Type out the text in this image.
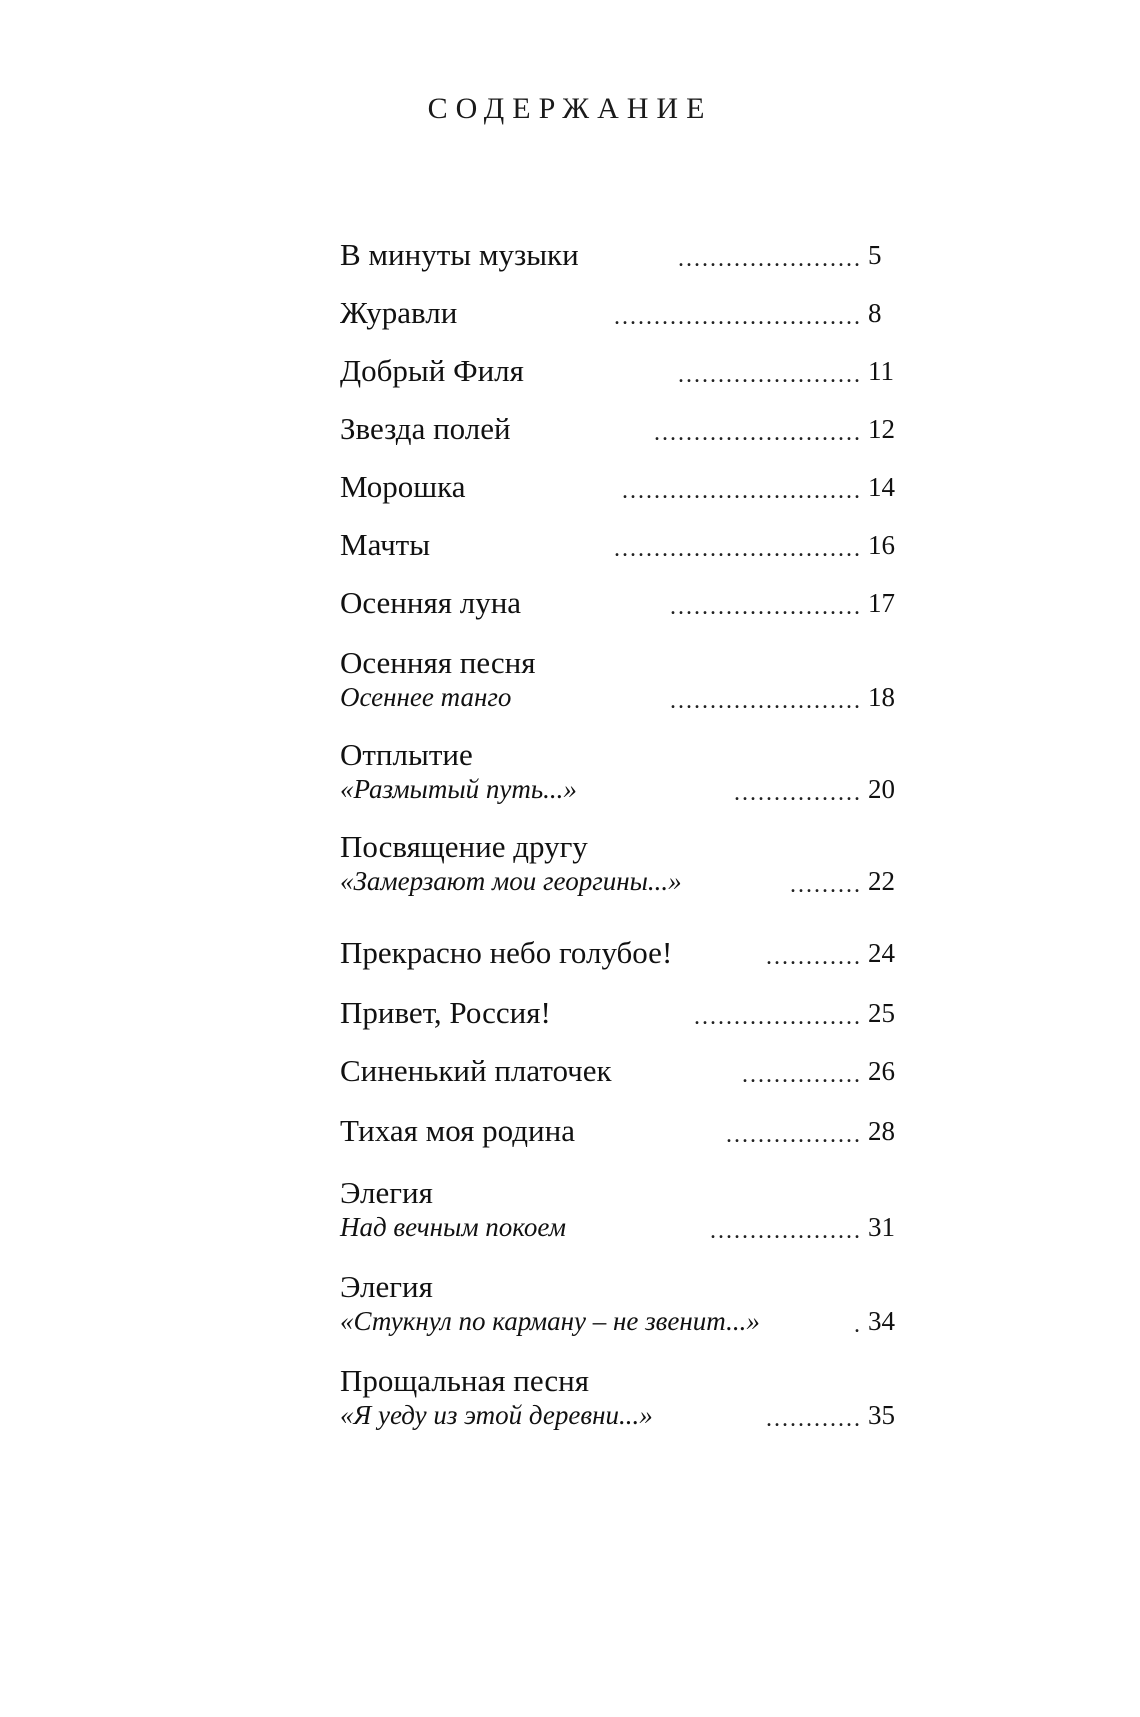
СОДЕРЖАНИЕ
В минуты музыки	....................... 5
Журавли	............................... 8
Добрый Филя	....................... 11
Звезда полей	.......................... 12
Морошка	.............................. 14
Мачты	............................... 16
Осенняя луна	........................ 17
Осенняя песня
Осеннее танго	........................ 18
Отплытие
«Размытый путь...»	................ 20
Посвящение другу
«Замерзают мои георгины...»	......... 22
Прекрасно небо голубое!	............ 24
Привет, Россия!	..................... 25
Синенький платочек	............... 26
Тихая моя родина	................. 28
Элегия
Над вечным покоем	................... 31
Элегия
«Стукнул по карману – не звенит...»	. 34
Прощальная песня
«Я уеду из этой деревни...»	............ 35
